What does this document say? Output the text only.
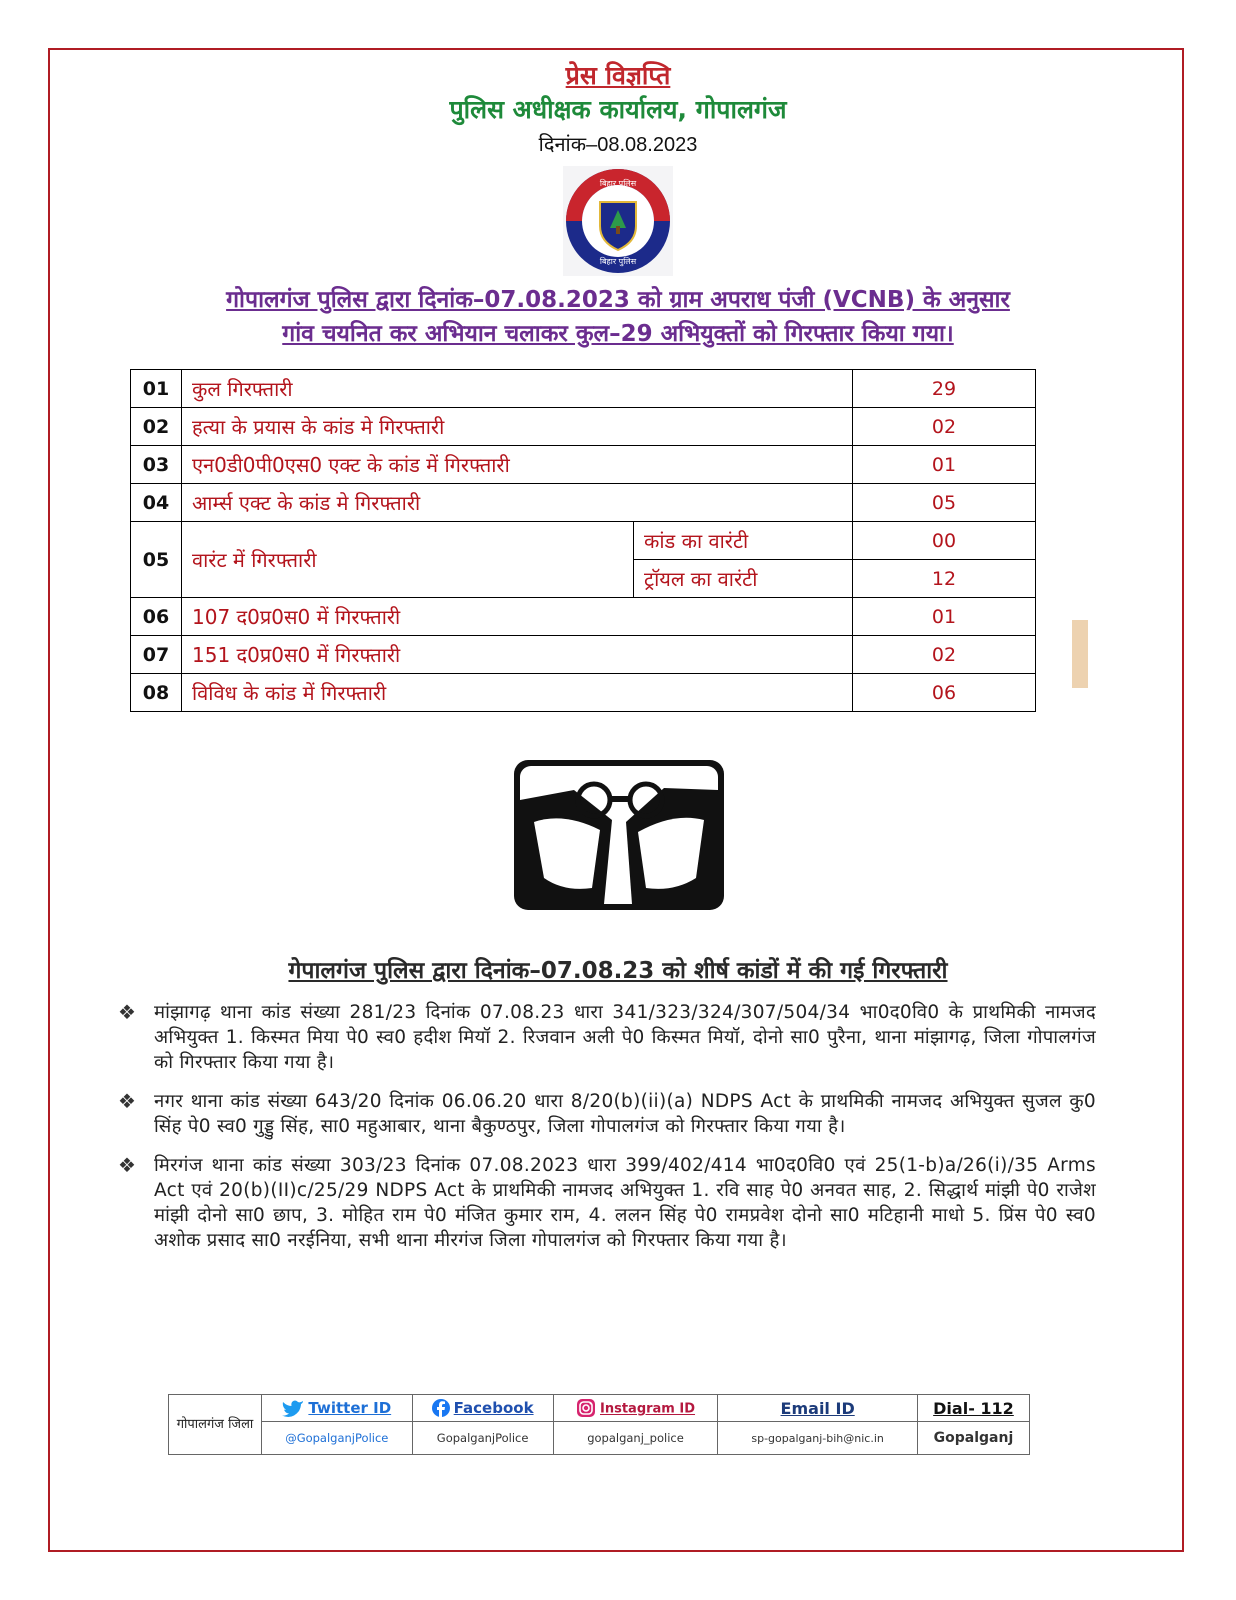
प्रेस विज्ञप्ति
पुलिस अधीक्षक कार्यालय, गोपालगंज
दिनांक–08.08.2023
बिहार पुलिस
बिहार पुलिस
गोपालगंज पुलिस द्वारा दिनांक–07.08.2023 को ग्राम अपराध पंजी (VCNB) के अनुसार
गांव चयनित कर अभियान चलाकर कुल–29 अभियुक्तों को गिरफ्तार किया गया।
01	कुल गिरफ्तारी		29
02	हत्या के प्रयास के कांड मे गिरफ्तारी		02
03	एन0डी0पी0एस0 एक्ट के कांड में गिरफ्तारी		01
04	आर्म्स एक्ट के कांड मे गिरफ्तारी		05
05	वारंट में गिरफ्तारी	कांड का वारंटी	00
		ट्रॉयल का वारंटी	12
06	107 द0प्र0स0 में गिरफ्तारी		01
07	151 द0प्र0स0 में गिरफ्तारी		02
08	विविध के कांड में गिरफ्तारी		06
गेपालगंज पुलिस द्वारा दिनांक–07.08.23 को शीर्ष कांडों में की गई गिरफ्तारी
❖ मांझागढ़ थाना कांड संख्या 281/23 दिनांक 07.08.23 धारा 341/323/324/307/504/34 भा0द0वि0 के प्राथमिकी नामजद अभियुक्त 1. किस्मत मिया पे0 स्व0 हदीश मियॉ 2. रिजवान अली पे0 किस्मत मियॉ, दोनो सा0 पुरैना, थाना मांझागढ़, जिला गोपालगंज को गिरफ्तार किया गया है।
❖ नगर थाना कांड संख्या 643/20 दिनांक 06.06.20 धारा 8/20(b)(ii)(a) NDPS Act के प्राथमिकी नामजद अभियुक्त सुजल कु0 सिंह पे0 स्व0 गुड्डु सिंह, सा0 महुआबार, थाना बैकुण्ठपुर, जिला गोपालगंज को गिरफ्तार किया गया है।
❖ मिरगंज थाना कांड संख्या 303/23 दिनांक 07.08.2023 धारा 399/402/414 भा0द0वि0 एवं 25(1-b)a/26(i)/35 Arms Act एवं 20(b)(II)c/25/29 NDPS Act के प्राथमिकी नामजद अभियुक्त 1. रवि साह पे0 अनवत साह, 2. सिद्धार्थ मांझी पे0 राजेश मांझी दोनो सा0 छाप, 3. मोहित राम पे0 मंजित कुमार राम, 4. ललन सिंह पे0 रामप्रवेश दोनो सा0 मटिहानी माधो 5. प्रिंस पे0 स्व0 अशोक प्रसाद सा0 नरईनिया, सभी थाना मीरगंज जिला गोपालगंज को गिरफ्तार किया गया है।
गोपालगंज जिला	Twitter ID	Facebook	Instagram ID	Email ID	Dial- 112
	@GopalganjPolice	GopalganjPolice	gopalganj_police	sp-gopalganj-bih@nic.in	Gopalganj
